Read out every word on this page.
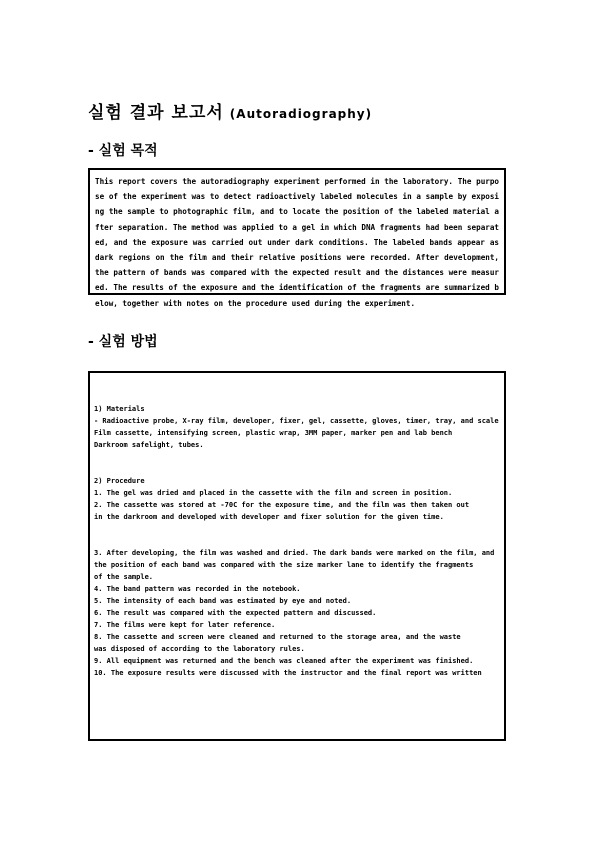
실험 결과 보고서 (Autoradiography)
- 실험 목적

This report covers the autoradiography experiment performed in the laboratory. The purpose of the experiment was to detect radioactively labeled molecules in a sample by exposing the sample to photographic film, and to locate the position of the labeled material after separation. The method was applied to a gel in which DNA fragments had been separated, and the exposure was carried out under dark conditions. The labeled bands appear as dark regions on the film and their relative positions were recorded. After development, the pattern of bands was compared with the expected result and the distances were measured. The results of the exposure and the identification of the fragments are summarized below, together with notes on the procedure used during the experiment.

- 실험 방법
1) Materials
- Radioactive probe, X-ray film, developer, fixer, gel, cassette, gloves, timer, tray, and scale
Film cassette, intensifying screen, plastic wrap, 3MM paper, marker pen and lab bench
Darkroom safelight, tubes.
2) Procedure
1. The gel was dried and placed in the cassette with the film and screen in position.
2. The cassette was stored at -70C for the exposure time, and the film was then taken out
in the darkroom and developed with developer and fixer solution for the given time.
3. After developing, the film was washed and dried. The dark bands were marked on the film, and
the position of each band was compared with the size marker lane to identify the fragments
of the sample.
4. The band pattern was recorded in the notebook.
5. The intensity of each band was estimated by eye and noted.
6. The result was compared with the expected pattern and discussed.
7. The films were kept for later reference.
8. The cassette and screen were cleaned and returned to the storage area, and the waste
was disposed of according to the laboratory rules.
9. All equipment was returned and the bench was cleaned after the experiment was finished.
10. The exposure results were discussed with the instructor and the final report was written
